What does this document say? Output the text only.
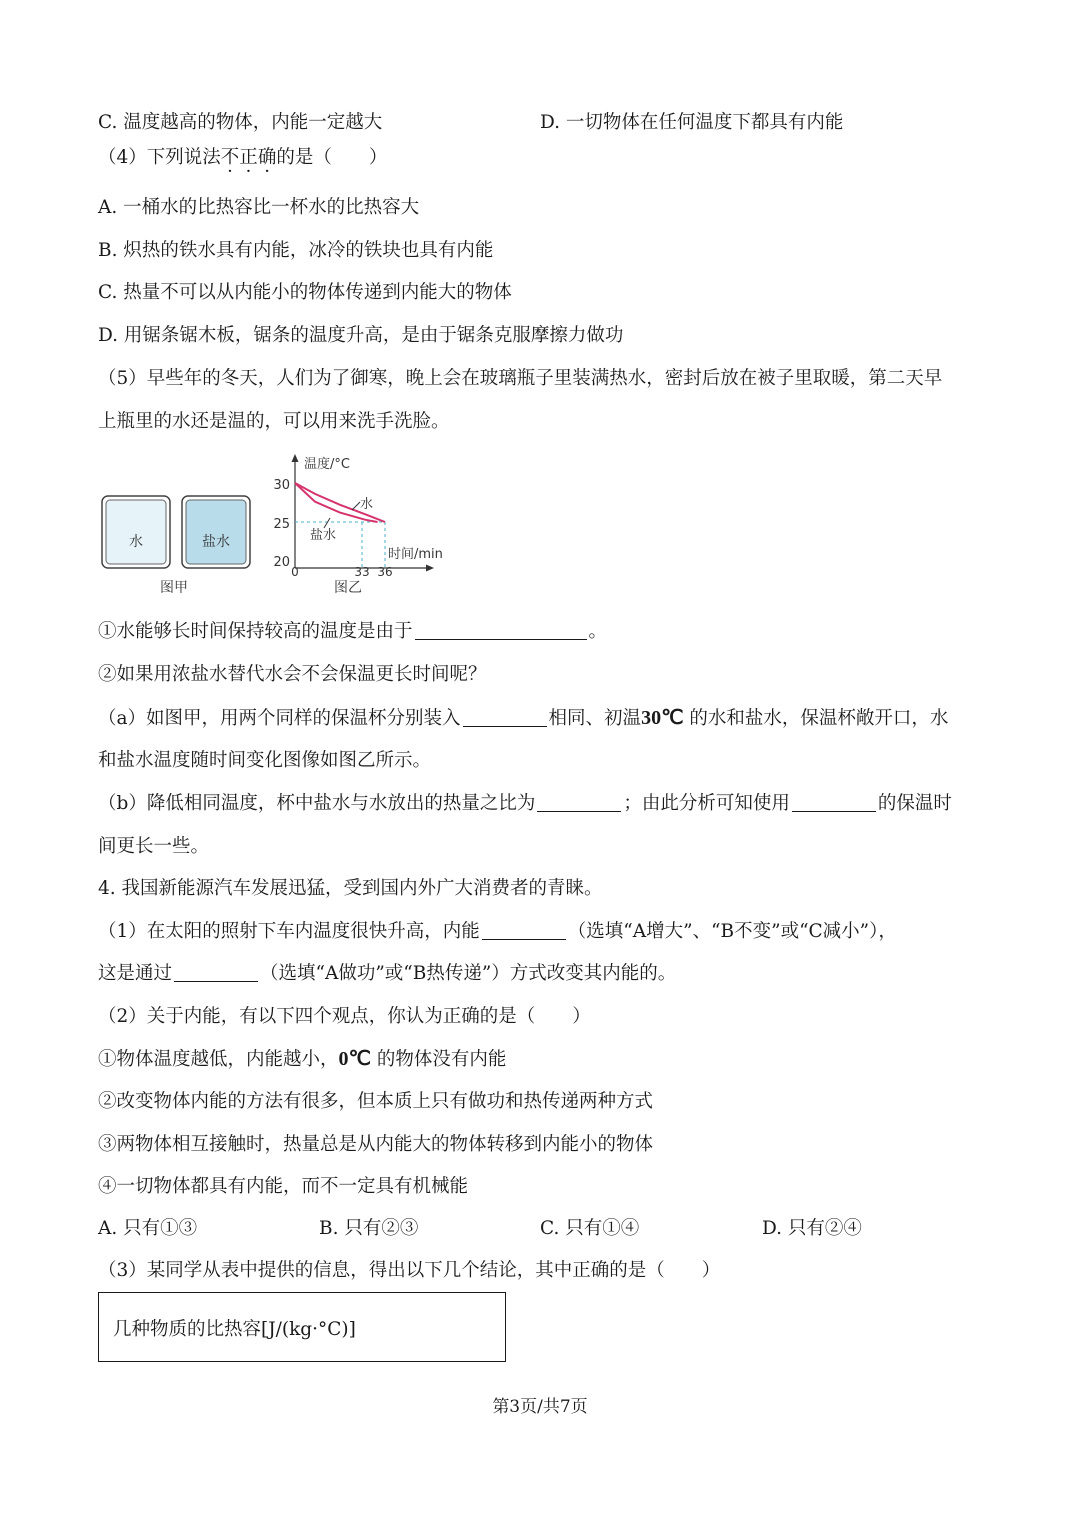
C. 温度越高的物体，内能一定越大	D. 一切物体在任何温度下都具有内能
（4）下列说法不正确的是（　　）
A. 一桶水的比热容比一杯水的比热容大
B. 炽热的铁水具有内能，冰冷的铁块也具有内能
C. 热量不可以从内能小的物体传递到内能大的物体
D. 用锯条锯木板，锯条的温度升高，是由于锯条克服摩擦力做功
（5）早些年的冬天，人们为了御寒，晚上会在玻璃瓶子里装满热水，密封后放在被子里取暖，第二天早
上瓶里的水还是温的，可以用来洗手洗脸。
水	盐水
图甲
温度/°C
时间/min
30
25
20
0	33 36
水
盐水
图乙
①水能够长时间保持较高的温度是由于	。
②如果用浓盐水替代水会不会保温更长时间呢？
（a）如图甲，用两个同样的保温杯分别装入	相同、初温30℃ 的水和盐水，保温杯敞开口，水
和盐水温度随时间变化图像如图乙所示。
（b）降低相同温度，杯中盐水与水放出的热量之比为	；由此分析可知使用	的保温时
间更长一些。
4. 我国新能源汽车发展迅猛，受到国内外广大消费者的青睐。
（1）在太阳的照射下车内温度很快升高，内能	（选填“A增大”、“B不变”或“C减小”），
这是通过	（选填“A做功”或“B热传递”）方式改变其内能的。
（2）关于内能，有以下四个观点，你认为正确的是（　　）
①物体温度越低，内能越小，0℃ 的物体没有内能
②改变物体内能的方法有很多，但本质上只有做功和热传递两种方式
③两物体相互接触时，热量总是从内能大的物体转移到内能小的物体
④一切物体都具有内能，而不一定具有机械能
A. 只有①③	B. 只有②③	C. 只有①④	D. 只有②④
（3）某同学从表中提供的信息，得出以下几个结论，其中正确的是（　　）
几种物质的比热容[J/(kg·°C)]
第3页/共7页
